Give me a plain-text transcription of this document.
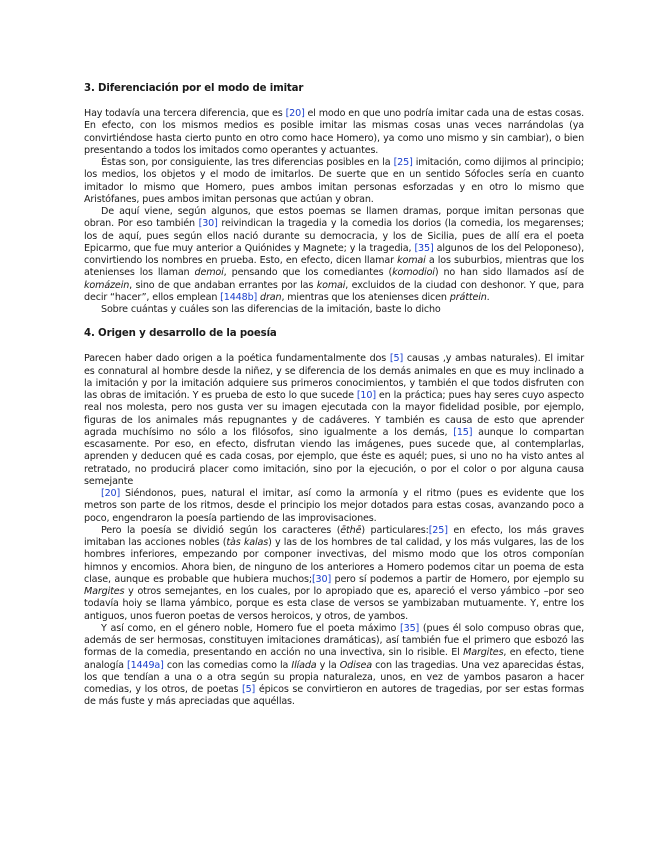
3. Diferenciación por el modo de imitar

Hay todavía una tercera diferencia, que es [20] el modo en que uno podría imitar cada una de estas cosas. En efecto, con los mismos medios es posible imitar las mismas cosas unas veces narrándolas (ya convirtiéndose hasta cierto punto en otro como hace Homero), ya como uno mismo y sin cambiar), o bien presentando a todos los imitados como operantes y actuantes.

Éstas son, por consiguiente, las tres diferencias posibles en la [25] imitación, como dijimos al principio; los medios, los objetos y el modo de imitarlos. De suerte que en un sentido Sófocles sería en cuanto imitador lo mismo que Homero, pues ambos imitan personas esforzadas y en otro lo mismo que Aristófanes, pues ambos imitan personas que actúan y obran.

De aquí viene, según algunos, que estos poemas se llamen dramas, porque imitan personas que obran. Por eso también [30] reivindican la tragedia y la comedia los dorios (la comedia, los megarenses; los de aquí, pues según ellos nació durante su democracia, y los de Sicilia, pues de allí era el poeta Epicarmo, que fue muy anterior a Quiónides y Magnete; y la tragedia, [35] algunos de los del Peloponeso), convirtiendo los nombres en prueba. Esto, en efecto, dicen llamar komai a los suburbios, mientras que los atenienses los llaman demoi, pensando que los comediantes (komodioi) no han sido llamados así de komázein, sino de que andaban errantes por las komai, excluidos de la ciudad con deshonor. Y que, para decir “hacer”, ellos emplean [1448b] dran, mientras que los atenienses dicen práttein.

Sobre cuántas y cuáles son las diferencias de la imitación, baste lo dicho

4. Origen y desarrollo de la poesía

Parecen haber dado origen a la poética fundamentalmente dos [5] causas ,y ambas naturales). El imitar es connatural al hombre desde la niñez, y se diferencia de los demás animales en que es muy inclinado a la imitación y por la imitación adquiere sus primeros conocimientos, y también el que todos disfruten con las obras de imitación. Y es prueba de esto lo que sucede [10] en la práctica; pues hay seres cuyo aspecto real nos molesta, pero nos gusta ver su imagen ejecutada con la mayor fidelidad posible, por ejemplo, figuras de los animales más repugnantes y de cadáveres. Y también es causa de esto que aprender agrada muchísimo no sólo a los filósofos, sino igualmente a los demás, [15] aunque lo compartan escasamente. Por eso, en efecto, disfrutan viendo las imágenes, pues sucede que, al contemplarlas, aprenden y deducen qué es cada cosas, por ejemplo, que éste es aquél; pues, si uno no ha visto antes al retratado, no producirá placer como imitación, sino por la ejecución, o por el color o por alguna causa semejante

[20] Siéndonos, pues, natural el imitar, así como la armonía y el ritmo (pues es evidente que los metros son parte de los ritmos, desde el principio los mejor dotados para estas cosas, avanzando poco a poco, engendraron la poesía partiendo de las improvisaciones.

Pero la poesía se dividió según los caracteres (ēthē) particulares:[25] en efecto, los más graves imitaban las acciones nobles (tàs kalas) y las de los hombres de tal calidad, y los más vulgares, las de los hombres inferiores, empezando por componer invectivas, del mismo modo que los otros componían himnos y encomios. Ahora bien, de ninguno de los anteriores a Homero podemos citar un poema de esta clase, aunque es probable que hubiera muchos;[30] pero sí podemos a partir de Homero, por ejemplo su Margites y otros semejantes, en los cuales, por lo apropiado que es, apareció el verso yámbico –por seo todavía hoiy se llama yámbico, porque es esta clase de versos se yambizaban mutuamente. Y, entre los antiguos, unos fueron poetas de versos heroicos, y otros, de yambos.

Y así como, en el género noble, Homero fue el poeta máximo [35] (pues él solo compuso obras que, además de ser hermosas, constituyen imitaciones dramáticas), así también fue el primero que esbozó las formas de la comedia, presentando en acción no una invectiva, sin lo risible. El Margites, en efecto, tiene analogía [1449a] con las comedias como la Ilíada y la Odisea con las tragedias. Una vez aparecidas éstas, los que tendían a una o a otra según su propia naturaleza, unos, en vez de yambos pasaron a hacer comedias, y los otros, de poetas [5] épicos se convirtieron en autores de tragedias, por ser estas formas de más fuste y más apreciadas que aquéllas.
